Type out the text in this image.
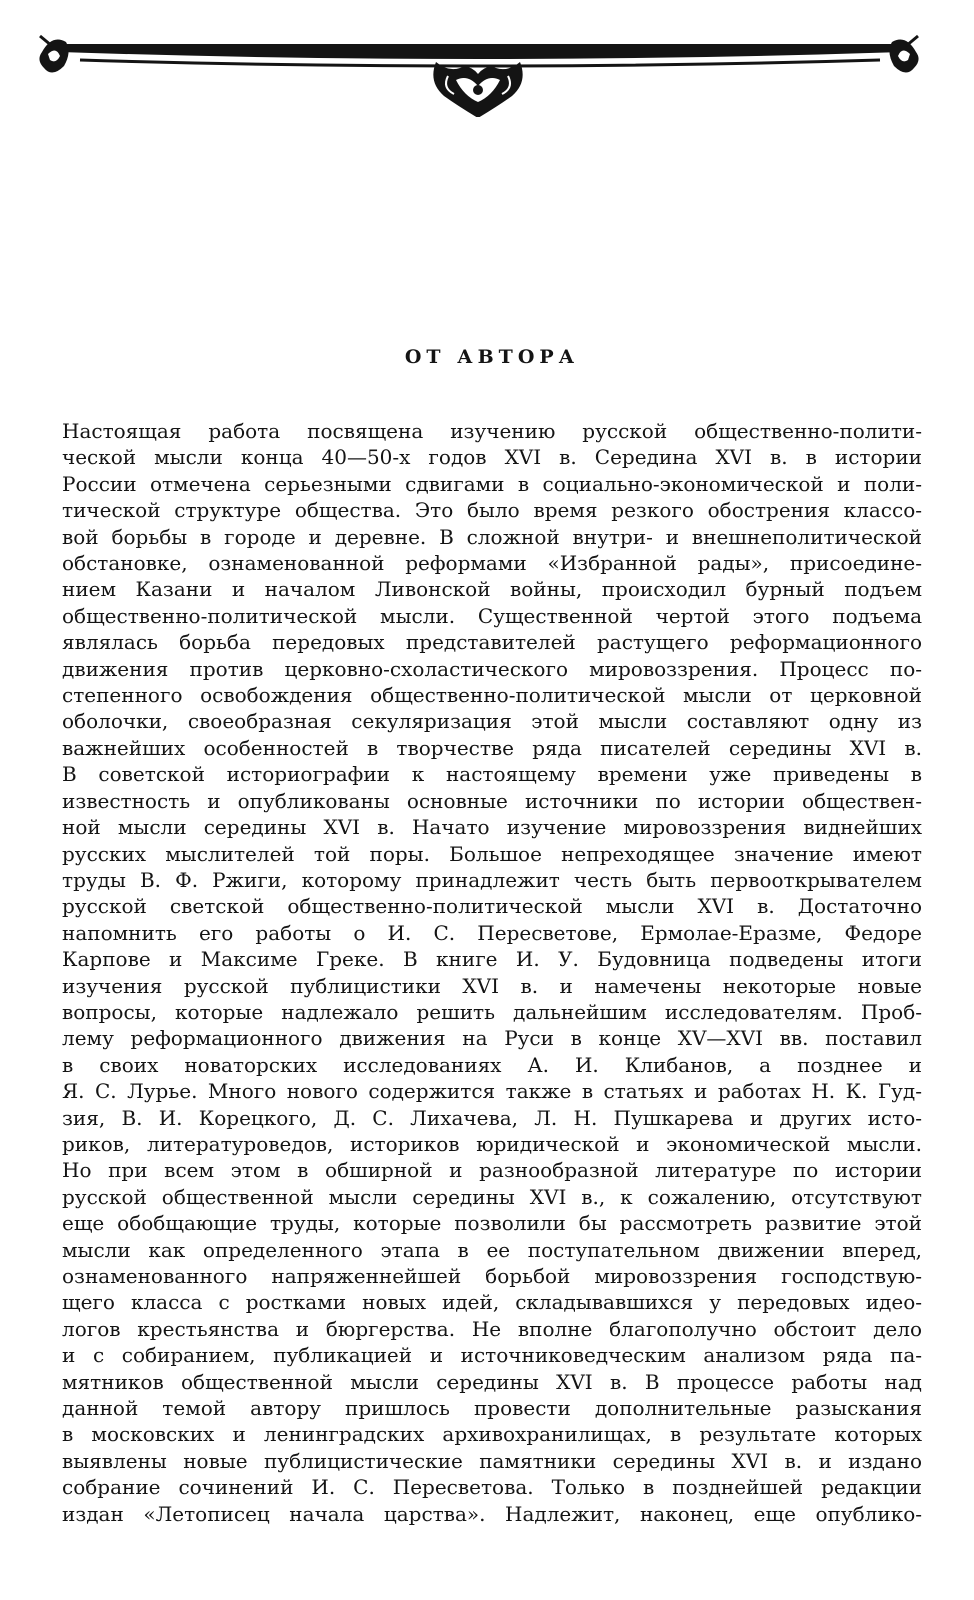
ОТ АВТОРА
Настоящая работа посвящена изучению русской общественно-полити-
ческой мысли конца 40—50-х годов XVI в. Середина XVI в. в истории
России отмечена серьезными сдвигами в социально-экономической и поли-
тической структуре общества. Это было время резкого обострения классо-
вой борьбы в городе и деревне. В сложной внутри- и внешнеполитической
обстановке, ознаменованной реформами «Избранной рады», присоедине-
нием Казани и началом Ливонской войны, происходил бурный подъем
общественно-политической мысли. Существенной чертой этого подъема
являлась борьба передовых представителей растущего реформационного
движения против церковно-схоластического мировоззрения. Процесс по-
степенного освобождения общественно-политической мысли от церковной
оболочки, своеобразная секуляризация этой мысли составляют одну из
важнейших особенностей в творчестве ряда писателей середины XVI в.
В советской историографии к настоящему времени уже приведены в
известность и опубликованы основные источники по истории обществен-
ной мысли середины XVI в. Начато изучение мировоззрения виднейших
русских мыслителей той поры. Большое непреходящее значение имеют
труды В. Ф. Ржиги, которому принадлежит честь быть первооткрывателем
русской светской общественно-политической мысли XVI в. Достаточно
напомнить его работы о И. С. Пересветове, Ермолае-Еразме, Федоре
Карпове и Максиме Греке. В книге И. У. Будовница подведены итоги
изучения русской публицистики XVI в. и намечены некоторые новые
вопросы, которые надлежало решить дальнейшим исследователям. Проб-
лему реформационного движения на Руси в конце XV—XVI вв. поставил
в своих новаторских исследованиях А. И. Клибанов, а позднее и
Я. С. Лурье. Много нового содержится также в статьях и работах Н. К. Гуд-
зия, В. И. Корецкого, Д. С. Лихачева, Л. Н. Пушкарева и других исто-
риков, литературоведов, историков юридической и экономической мысли.
Но при всем этом в обширной и разнообразной литературе по истории
русской общественной мысли середины XVI в., к сожалению, отсутствуют
еще обобщающие труды, которые позволили бы рассмотреть развитие этой
мысли как определенного этапа в ее поступательном движении вперед,
ознаменованного напряженнейшей борьбой мировоззрения господствую-
щего класса с ростками новых идей, складывавшихся у передовых идео-
логов крестьянства и бюргерства. Не вполне благополучно обстоит дело
и с собиранием, публикацией и источниковедческим анализом ряда па-
мятников общественной мысли середины XVI в. В процессе работы над
данной темой автору пришлось провести дополнительные разыскания
в московских и ленинградских архивохранилищах, в результате которых
выявлены новые публицистические памятники середины XVI в. и издано
собрание сочинений И. С. Пересветова. Только в позднейшей редакции
издан «Летописец начала царства». Надлежит, наконец, еще опублико-
